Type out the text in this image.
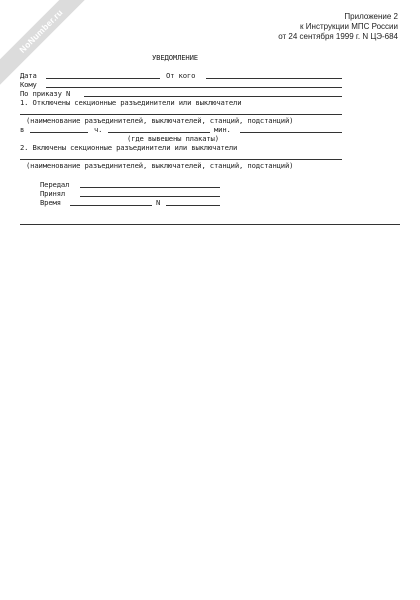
NoNumber.ru	Приложение 2
к Инструкции МПС России
от 24 сентября 1999 г. N ЦЭ-684
УВЕДОМЛЕНИЕ
Дата	От кого
Кому
По приказу N
1. Отключены секционные разъединители или выключатели
(наименование разъединителей, выключателей, станций, подстанций)
в	ч.	мин.
(где вывешены плакаты)
2. Включены секционные разъединители или выключатели
(наименование разъединителей, выключателей, станций, подстанций)
Передал
Принял
Время	N
